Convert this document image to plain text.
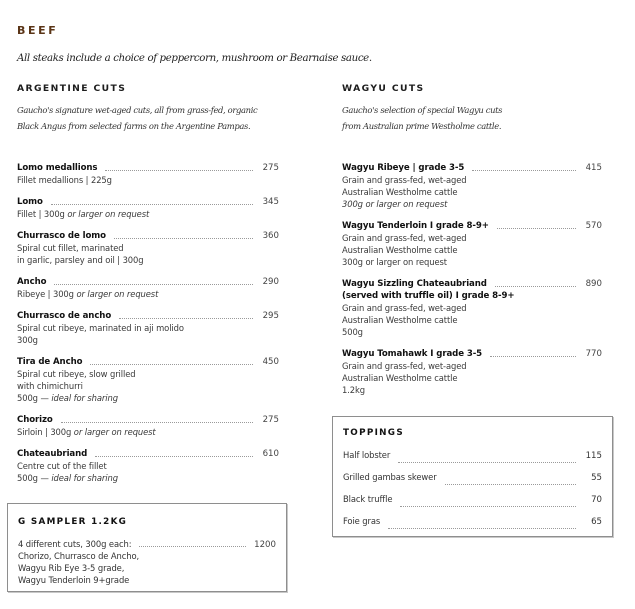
BEEF
All steaks include a choice of peppercorn, mushroom or Bearnaise sauce.
ARGENTINE CUTS
Gaucho's signature wet-aged cuts, all from grass-fed, organic
Black Angus from selected farms on the Argentine Pampas.
Lomo medallions	275
Fillet medallions | 225g
Lomo	345
Fillet | 300g or larger on request
Churrasco de lomo	360
Spiral cut fillet, marinated
in garlic, parsley and oil | 300g
Ancho	290
Ribeye | 300g or larger on request
Churrasco de ancho	295
Spiral cut ribeye, marinated in aji molido
300g
Tira de Ancho	450
Spiral cut ribeye, slow grilled
with chimichurri
500g — ideal for sharing
Chorizo	275
Sirloin | 300g or larger on request
Chateaubriand	610
Centre cut of the fillet
500g — ideal for sharing
G SAMPLER 1.2KG
4 different cuts, 300g each:	1200
Chorizo, Churrasco de Ancho,
Wagyu Rib Eye 3-5 grade,
Wagyu Tenderloin 9+grade
WAGYU CUTS
Gaucho's selection of special Wagyu cuts
from Australian prime Westholme cattle.
Wagyu Ribeye | grade 3-5	415
Grain and grass-fed, wet-aged
Australian Westholme cattle
300g or larger on request
Wagyu Tenderloin I grade 8-9+	570
Grain and grass-fed, wet-aged
Australian Westholme cattle
300g or larger on request
Wagyu Sizzling Chateaubriand	890
(served with truffle oil) I grade 8-9+
Grain and grass-fed, wet-aged
Australian Westholme cattle
500g
Wagyu Tomahawk I grade 3-5	770
Grain and grass-fed, wet-aged
Australian Westholme cattle
1.2kg
TOPPINGS
Half lobster	115
Grilled gambas skewer	55
Black truffle	70
Foie gras	65
